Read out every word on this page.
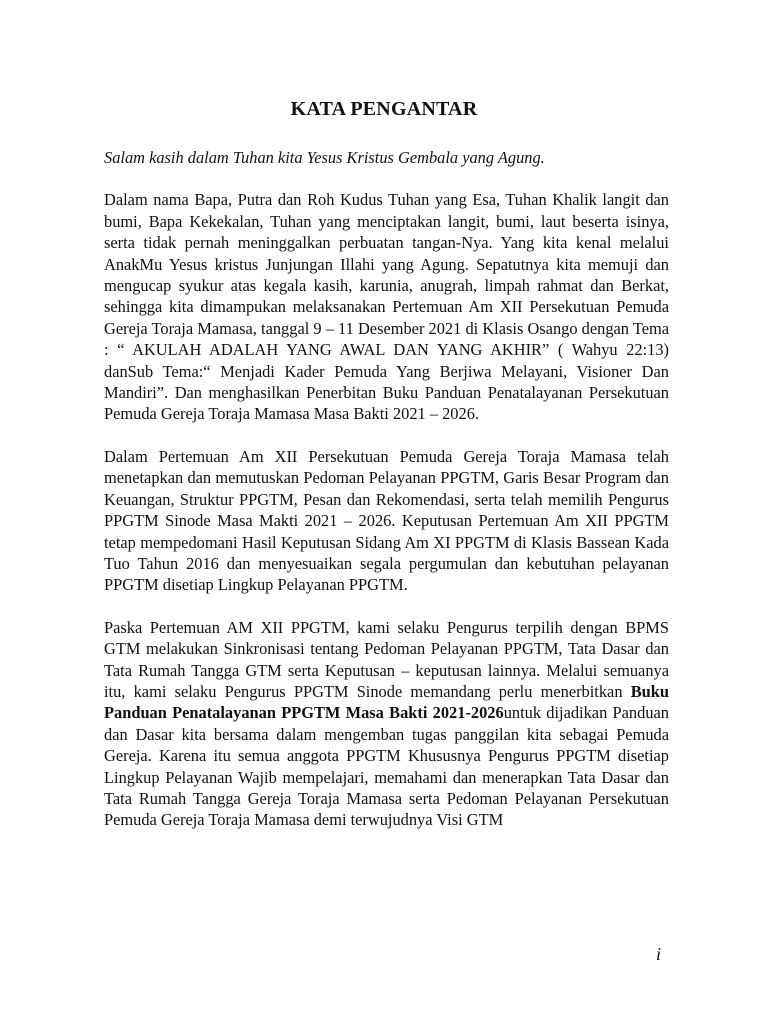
KATA PENGANTAR

Salam kasih dalam Tuhan kita Yesus Kristus Gembala yang Agung.

Dalam nama Bapa, Putra dan Roh Kudus Tuhan yang Esa, Tuhan Khalik langit dan bumi, Bapa Kekekalan, Tuhan yang menciptakan langit, bumi, laut beserta isinya, serta tidak pernah meninggalkan perbuatan tangan-Nya. Yang kita kenal melalui AnakMu Yesus kristus Junjungan Illahi yang Agung. Sepatutnya kita memuji dan mengucap syukur atas kegala kasih, karunia, anugrah, limpah rahmat dan Berkat, sehingga kita dimampukan melaksanakan Pertemuan Am XII Persekutuan Pemuda Gereja Toraja Mamasa, tanggal 9 – 11 Desember 2021 di Klasis Osango dengan Tema : “ AKULAH ADALAH YANG AWAL DAN YANG AKHIR” ( Wahyu 22:13) danSub Tema:“ Menjadi Kader Pemuda Yang Berjiwa Melayani, Visioner Dan Mandiri”. Dan menghasilkan Penerbitan Buku Panduan Penatalayanan Persekutuan Pemuda Gereja Toraja Mamasa Masa Bakti 2021 – 2026.

Dalam Pertemuan Am XII Persekutuan Pemuda Gereja Toraja Mamasa telah menetapkan dan memutuskan Pedoman Pelayanan PPGTM, Garis Besar Program dan Keuangan, Struktur PPGTM, Pesan dan Rekomendasi, serta telah memilih Pengurus PPGTM Sinode Masa Makti 2021 – 2026. Keputusan Pertemuan Am XII PPGTM tetap mempedomani Hasil Keputusan Sidang Am XI PPGTM di Klasis Bassean Kada Tuo Tahun 2016 dan menyesuaikan segala pergumulan dan kebutuhan pelayanan PPGTM disetiap Lingkup Pelayanan PPGTM.

Paska Pertemuan AM XII PPGTM, kami selaku Pengurus terpilih dengan BPMS GTM melakukan Sinkronisasi tentang Pedoman Pelayanan PPGTM, Tata Dasar dan Tata Rumah Tangga GTM serta Keputusan – keputusan lainnya. Melalui semuanya itu, kami selaku Pengurus PPGTM Sinode memandang perlu menerbitkan Buku Panduan Penatalayanan PPGTM Masa Bakti 2021-2026untuk dijadikan Panduan dan Dasar kita bersama dalam mengemban tugas panggilan kita sebagai Pemuda Gereja. Karena itu semua anggota PPGTM Khususnya Pengurus PPGTM disetiap Lingkup Pelayanan Wajib mempelajari, memahami dan menerapkan Tata Dasar dan Tata Rumah Tangga Gereja Toraja Mamasa serta Pedoman Pelayanan Persekutuan Pemuda Gereja Toraja Mamasa demi terwujudnya Visi GTM

i
